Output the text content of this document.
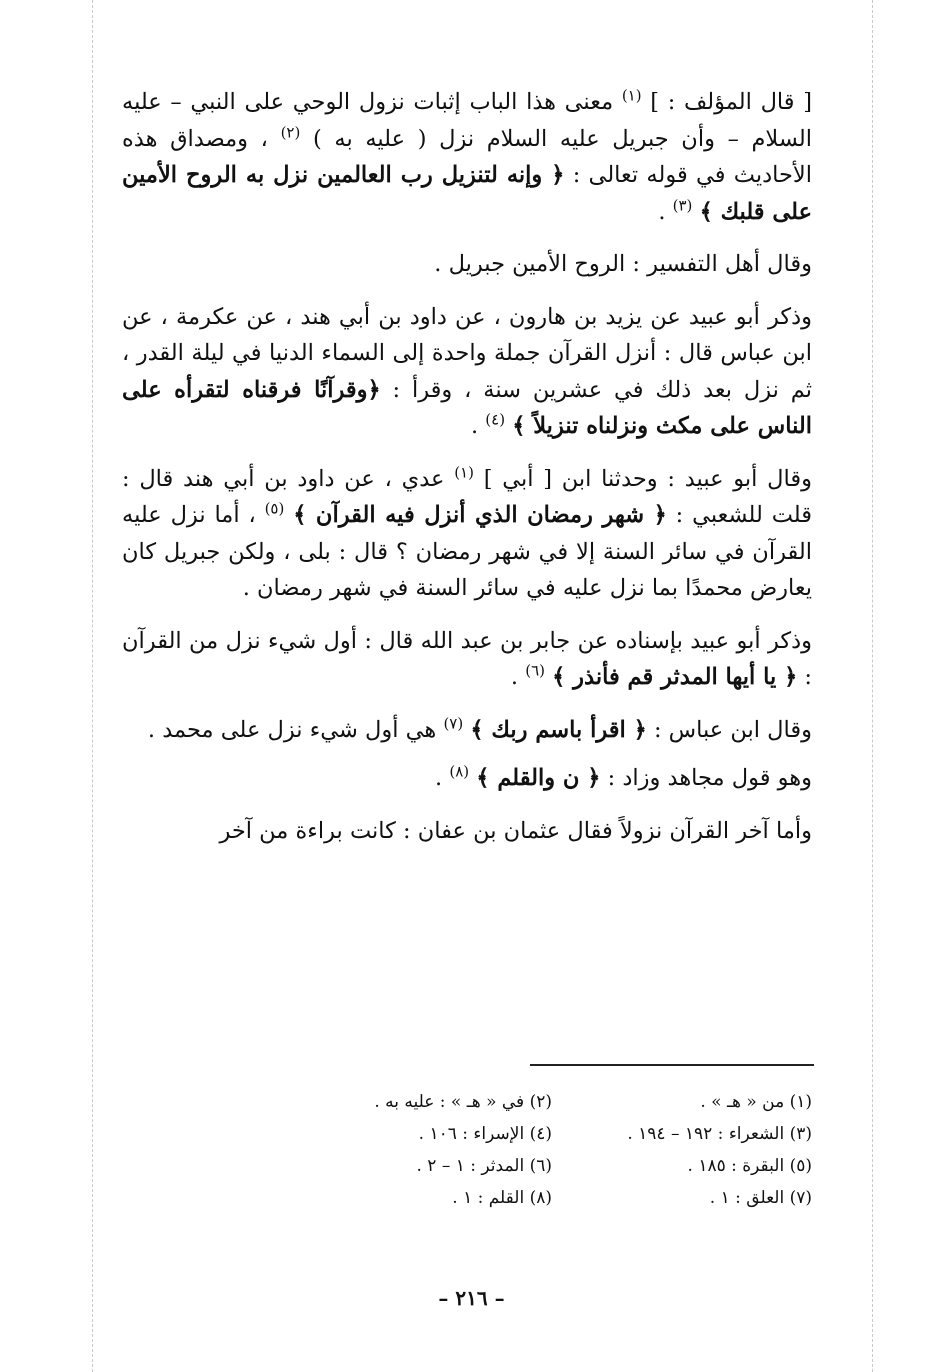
[ قال المؤلف : ] $^{(١)}$ معنى هذا الباب إثبات نزول الوحي على النبي – عليه السلام – وأن جبريل عليه السلام نزل ( عليه به ) $^{(٢)}$ ، ومصداق هذه الأحاديث في قوله تعالى : ﴿ وإنه لتنزيل رب العالمين نزل به الروح الأمين على قلبك ﴾ $^{(٣)}$ .

وقال أهل التفسير : الروح الأمين جبريل .

وذكر أبو عبيد عن يزيد بن هارون ، عن داود بن أبي هند ، عن عكرمة ، عن ابن عباس قال : أنزل القرآن جملة واحدة إلى السماء الدنيا في ليلة القدر ، ثم نزل بعد ذلك في عشرين سنة ، وقرأ : ﴿وقرآنًا فرقناه لتقرأه على الناس على مكث ونزلناه تنزيلاً ﴾ $^{(٤)}$ .

وقال أبو عبيد : وحدثنا ابن [ أبي ] $^{(١)}$ عدي ، عن داود بن أبي هند قال : قلت للشعبي : ﴿ شهر رمضان الذي أنزل فيه القرآن ﴾ $^{(٥)}$ ، أما نزل عليه القرآن في سائر السنة إلا في شهر رمضان ؟ قال : بلى ، ولكن جبريل كان يعارض محمدًا بما نزل عليه في سائر السنة في شهر رمضان .

وذكر أبو عبيد بإسناده عن جابر بن عبد الله قال : أول شيء نزل من القرآن : ﴿ يا أيها المدثر قم فأنذر ﴾ $^{(٦)}$ .

وقال ابن عباس : ﴿ اقرأ باسم ربك ﴾ $^{(٧)}$ هي أول شيء نزل على محمد .

وهو قول مجاهد وزاد : ﴿ ن والقلم ﴾ $^{(٨)}$ .

وأما آخر القرآن نزولاً فقال عثمان بن عفان : كانت براءة من آخر

(١) من « هـ » .
(٢) في « هـ » : عليه به .
(٣) الشعراء : ١٩٢ – ١٩٤ .
(٤) الإسراء : ١٠٦ .
(٥) البقرة : ١٨٥ .
(٦) المدثر : ١ – ٢ .
(٧) العلق : ١ .
(٨) القلم : ١ .
– ٢١٦ –
